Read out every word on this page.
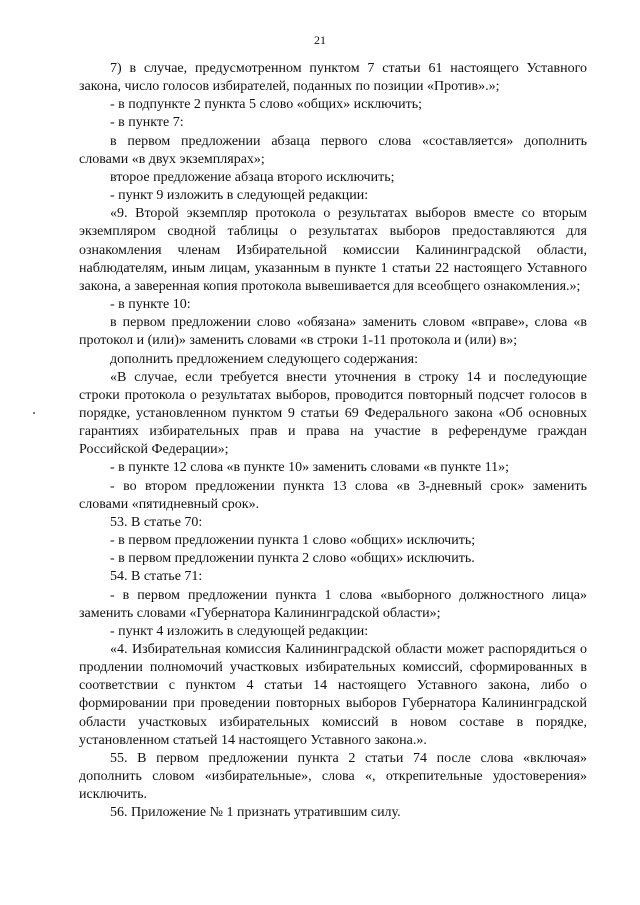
21

7) в случае, предусмотренном пунктом 7 статьи 61 настоящего Уставного закона, число голосов избирателей, поданных по позиции «Против».»;

- в подпункте 2 пункта 5 слово «общих» исключить;

- в пункте 7:

в первом предложении абзаца первого слова «составляется» дополнить словами «в двух экземплярах»;

второе предложение абзаца второго исключить;

- пункт 9 изложить в следующей редакции:

«9. Второй экземпляр протокола о результатах выборов вместе со вторым экземпляром сводной таблицы о результатах выборов предоставляются для ознакомления членам Избирательной комиссии Калининградской области, наблюдателям, иным лицам, указанным в пункте 1 статьи 22 настоящего Уставного закона, а заверенная копия протокола вывешивается для всеобщего ознакомления.»;

- в пункте 10:

в первом предложении слово «обязана» заменить словом «вправе», слова «в протокол и (или)» заменить словами «в строки 1-11 протокола и (или) в»;

дополнить предложением следующего содержания:

«В случае, если требуется внести уточнения в строку 14 и последующие строки протокола о результатах выборов, проводится повторный подсчет голосов в порядке, установленном пунктом 9 статьи 69 Федерального закона «Об основных гарантиях избирательных прав и права на участие в референдуме граждан Российской Федерации»;

- в пункте 12 слова «в пункте 10» заменить словами «в пункте 11»;

- во втором предложении пункта 13 слова «в 3-дневный срок» заменить словами «пятидневный срок».

53. В статье 70:

- в первом предложении пункта 1 слово «общих» исключить;

- в первом предложении пункта 2 слово «общих» исключить.

54. В статье 71:

- в первом предложении пункта 1 слова «выборного должностного лица» заменить словами «Губернатора Калининградской области»;

- пункт 4 изложить в следующей редакции:

«4. Избирательная комиссия Калининградской области может распорядиться о продлении полномочий участковых избирательных комиссий, сформированных в соответствии с пунктом 4 статьи 14 настоящего Уставного закона, либо о формировании при проведении повторных выборов Губернатора Калининградской области участковых избирательных комиссий в новом составе в порядке, установленном статьей 14 настоящего Уставного закона.».

55. В первом предложении пункта 2 статьи 74 после слова «включая» дополнить словом «избирательные», слова «, открепительные удостоверения» исключить.

56. Приложение № 1 признать утратившим силу.
